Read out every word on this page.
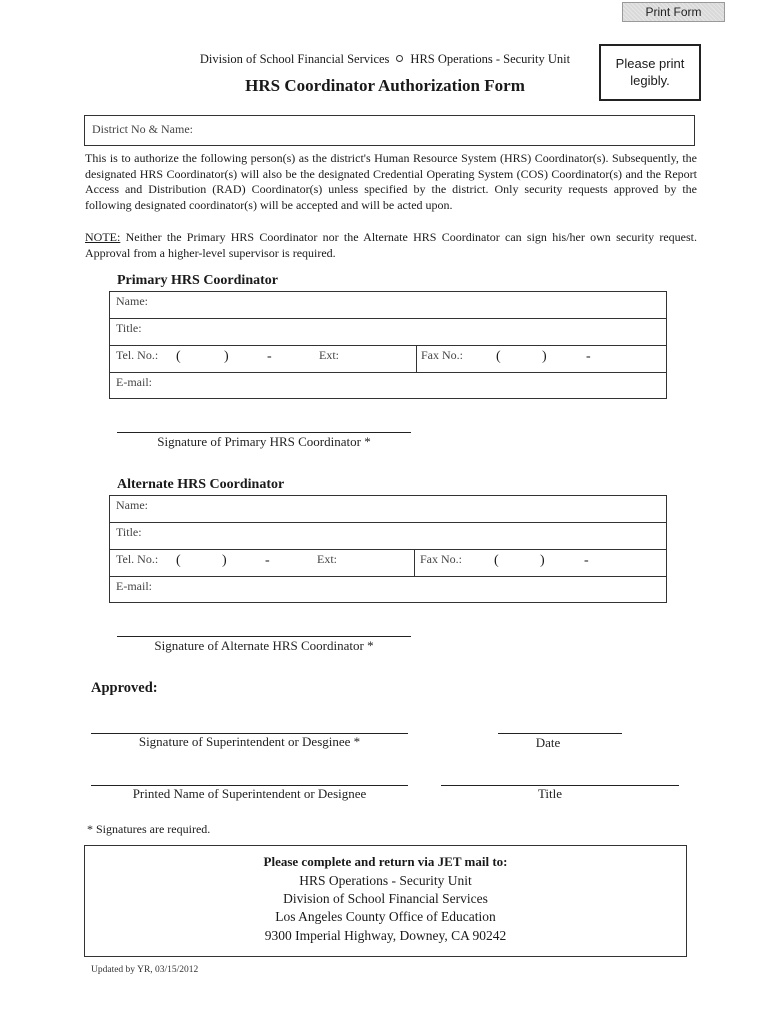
Print Form
Division of School Financial Services HRS Operations - Security Unit
HRS Coordinator Authorization Form
Please print
legibly.
District No & Name:
This is to authorize the following person(s) as the district's Human Resource System (HRS) Coordinator(s). Subsequently, the designated HRS Coordinator(s) will also be the designated Credential Operating System (COS) Coordinator(s) and the Report Access and Distribution (RAD) Coordinator(s) unless specified by the district. Only security requests approved by the following designated coordinator(s) will be accepted and will be acted upon.
NOTE: Neither the Primary HRS Coordinator nor the Alternate HRS Coordinator can sign his/her own security request. Approval from a higher-level supervisor is required.
Primary HRS Coordinator
Name:
Title:
Tel. No.: (	)	-	Ext:	Fax No.: (	)	-
E-mail:
Signature of Primary HRS Coordinator *
Alternate HRS Coordinator
Name:
Title:
Tel. No.: (	)	-	Ext:	Fax No.: (	)	-
E-mail:
Signature of Alternate HRS Coordinator *
Approved:
Signature of Superintendent or Desginee *	Date
Printed Name of Superintendent or Designee	Title
* Signatures are required.
Please complete and return via JET mail to:
HRS Operations - Security Unit
Division of School Financial Services
Los Angeles County Office of Education
9300 Imperial Highway, Downey, CA 90242
Updated by YR, 03/15/2012
